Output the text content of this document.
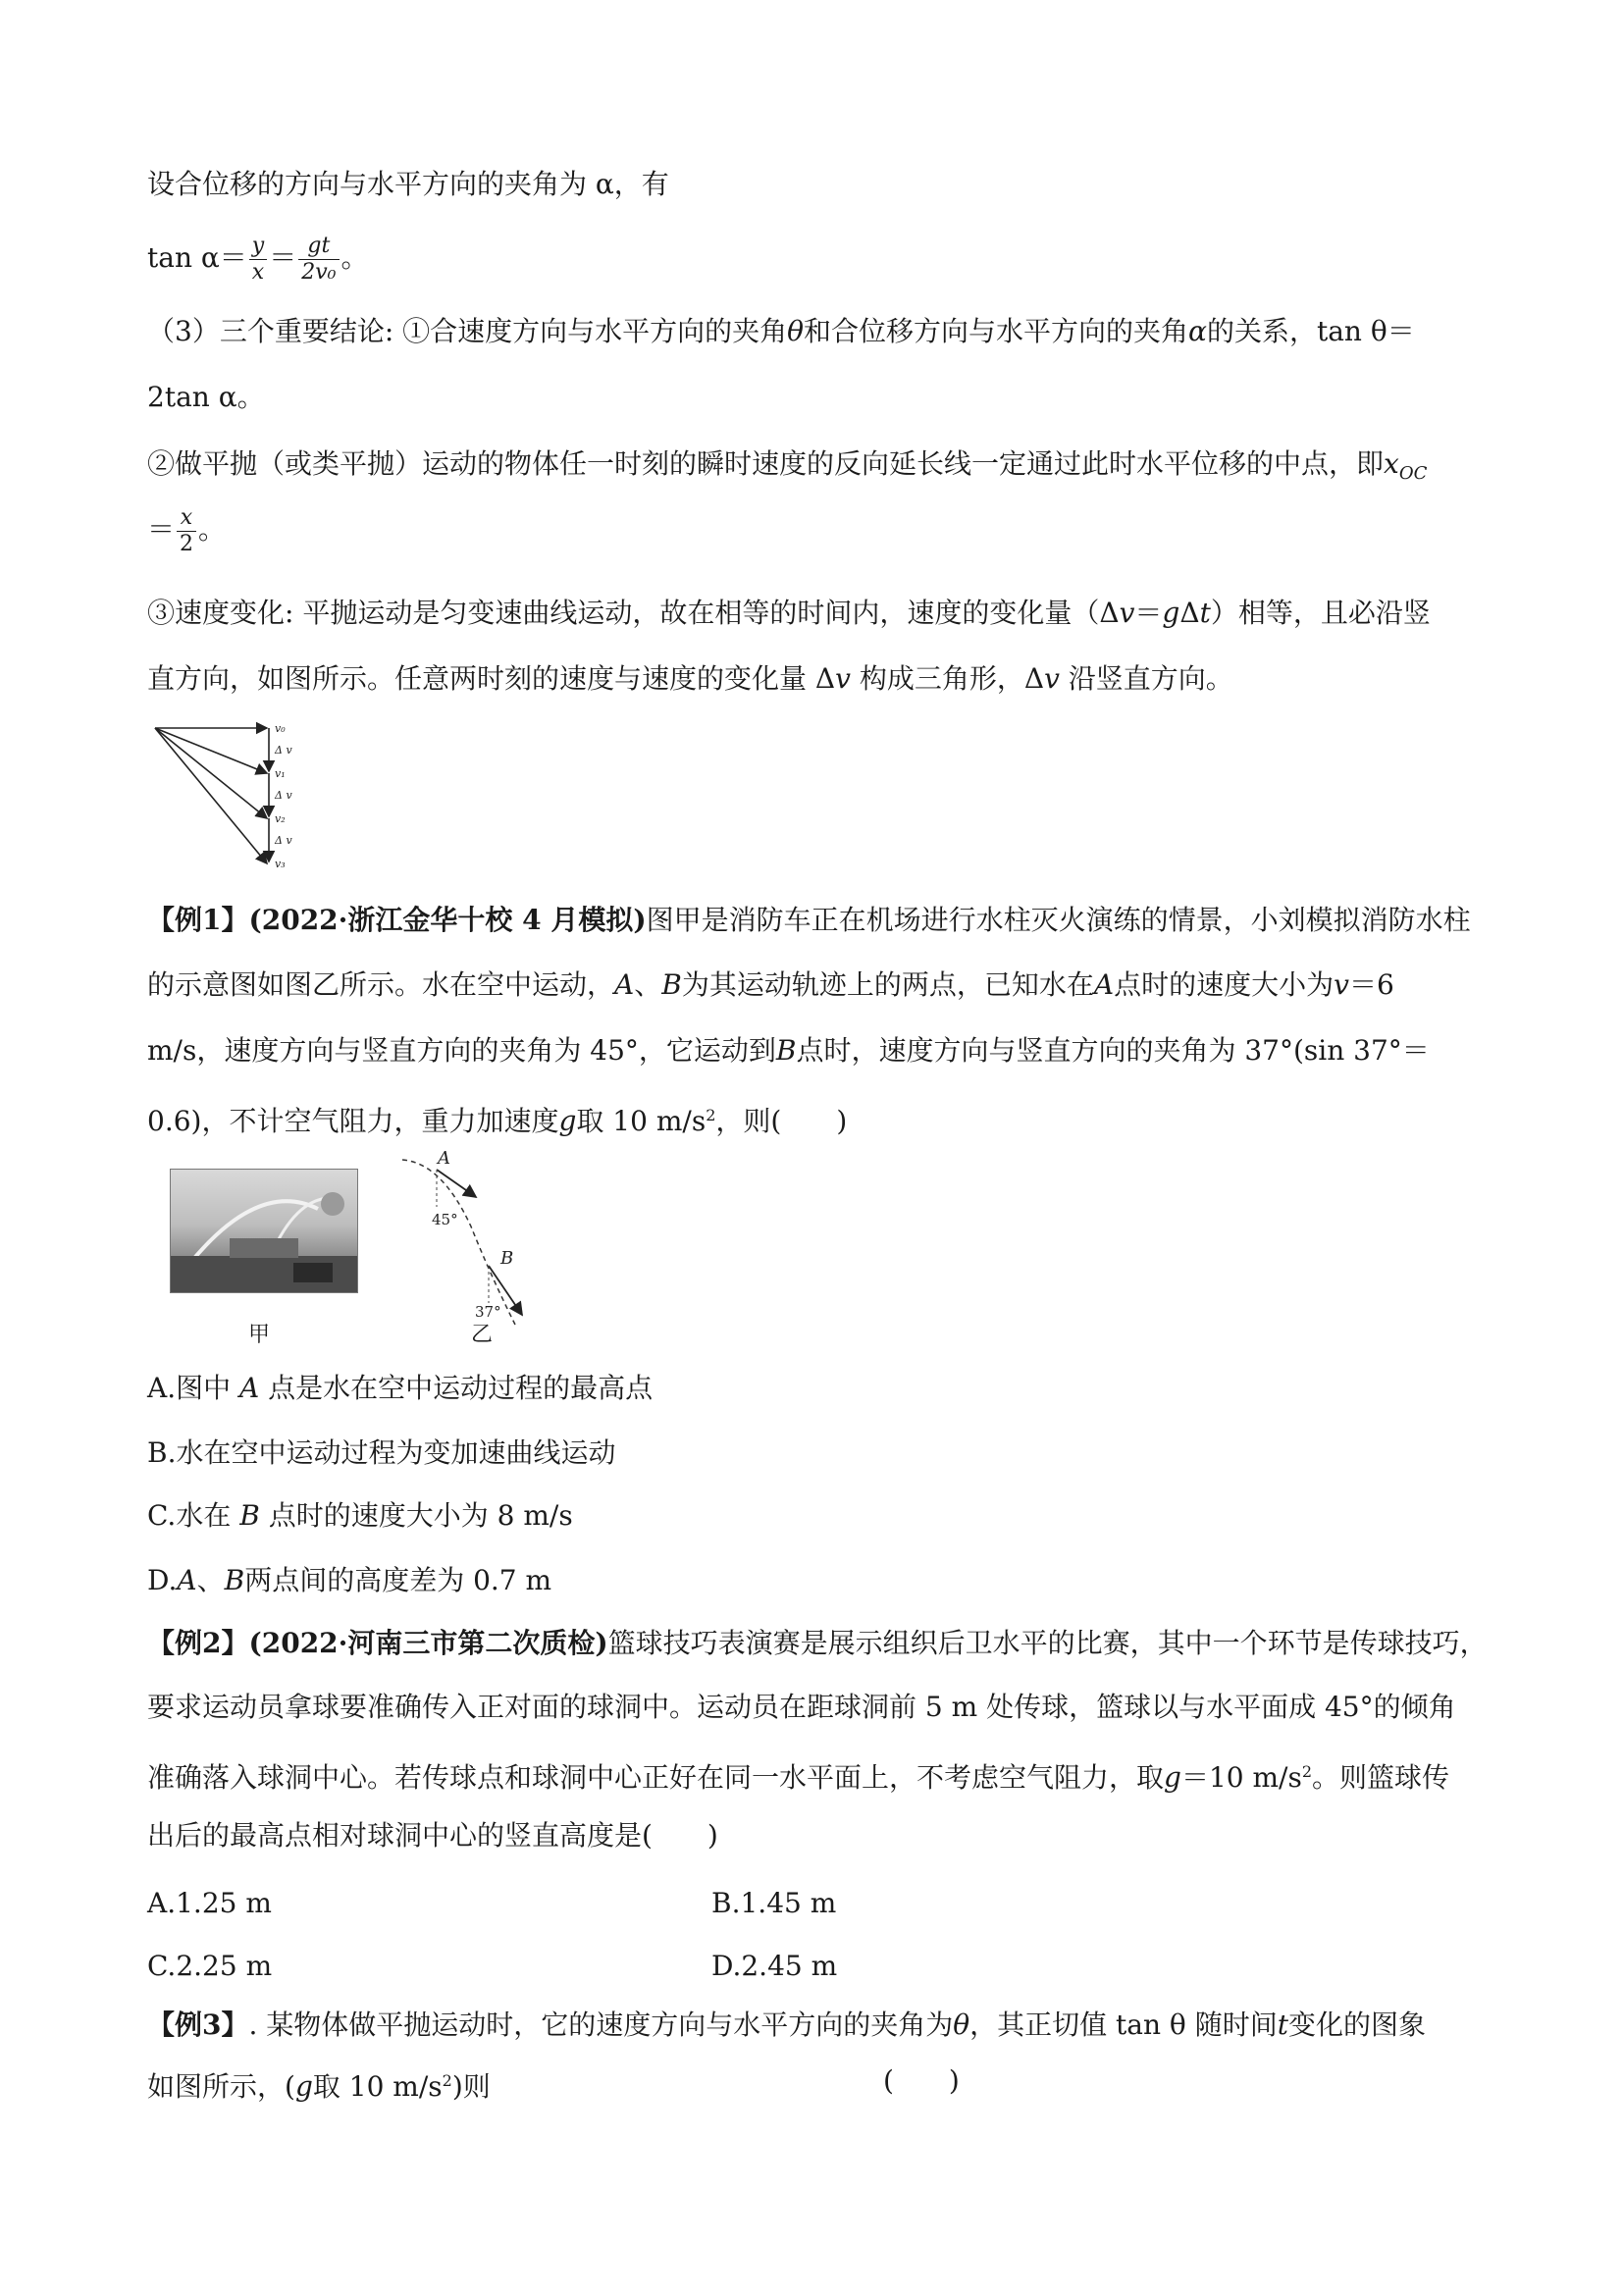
设合位移的方向与水平方向的夹角为 α，有
$\tan \alpha= \frac{y}{x} = \frac{gt}{\text{2v₀}}$ 。
（3）三个重要结论: ①合速度方向与水平方向的夹角θ和合位移方向与水平方向的夹角α的关系，tan θ＝
2tan α。
②做平抛（或类平抛）运动的物体任一时刻的瞬时速度的反向延长线一定通过此时水平位移的中点，即$x_{OC}$
＝ $\frac{x}{2}$ 。
③速度变化: 平抛运动是匀变速曲线运动，故在相等的时间内，速度的变化量（Δv＝gΔt）相等，且必沿竖
直方向，如图所示。任意两时刻的速度与速度的变化量 Δv 构成三角形，Δv 沿竖直方向。
v₀
Δ v
v₁
Δ v
v₂
Δ v
v₃
【例1】(2022·浙江金华十校 4 月模拟)图甲是消防车正在机场进行水柱灭火演练的情景，小刘模拟消防水柱
的示意图如图乙所示。水在空中运动，A、B为其运动轨迹上的两点，已知水在A点时的速度大小为v＝6
m/s，速度方向与竖直方向的夹角为 45°，它运动到B点时，速度方向与竖直方向的夹角为 37°(sin 37°＝
0.6)，不计空气阻力，重力加速度g取 10 $m/s^2$，则(　　)
甲
A
45°
B
37°
乙
A.图中 A 点是水在空中运动过程的最高点
B.水在空中运动过程为变加速曲线运动
C.水在 B 点时的速度大小为 8 m/s
D.A、B两点间的高度差为 0.7 m
【例2】(2022·河南三市第二次质检)篮球技巧表演赛是展示组织后卫水平的比赛，其中一个环节是传球技巧，
要求运动员拿球要准确传入正对面的球洞中。运动员在距球洞前 5 m 处传球，篮球以与水平面成 45°的倾角
准确落入球洞中心。若传球点和球洞中心正好在同一水平面上，不考虑空气阻力，取g＝10 $m/s^2$。则篮球传
出后的最高点相对球洞中心的竖直高度是(　　)
A.1.25 m	B.1.45 m
C.2.25 m	D.2.45 m
【例3】. 某物体做平抛运动时，它的速度方向与水平方向的夹角为θ，其正切值 tan θ 随时间t变化的图象
如图所示，(g取 10 $m/s^2$)则	(　　)
